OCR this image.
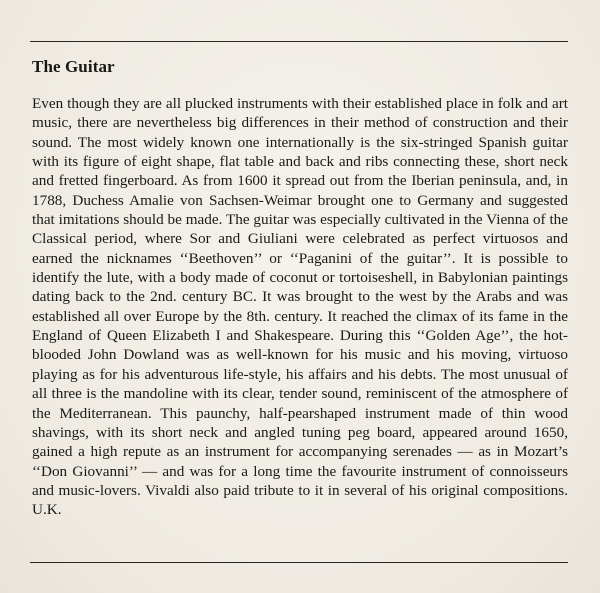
The Guitar

Even though they are all plucked instruments with their established place in folk and art music, there are nevertheless big differences in their method of construction and their sound. The most widely known one internationally is the six-stringed Spanish guitar with its figure of eight shape, flat table and back and ribs connecting these, short neck and fretted fingerboard. As from 1600 it spread out from the Iberian peninsula, and, in 1788, Duchess Amalie von Sachsen-Weimar brought one to Germany and suggested that imitations should be made. The guitar was especially cultivated in the Vienna of the Classical period, where Sor and Giuliani were celebrated as perfect virtuosos and earned the nicknames ‘‘Beethoven’’ or ‘‘Paganini of the guitar’’. It is possible to identify the lute, with a body made of coconut or tortoiseshell, in Babylonian paintings dating back to the 2nd. century BC. It was brought to the west by the Arabs and was established all over Europe by the 8th. century. It reached the climax of its fame in the England of Queen Elizabeth I and Shakespeare. During this ‘‘Golden Age’’, the hot-blooded John Dowland was as well-known for his music and his moving, virtuoso playing as for his adventurous life-style, his affairs and his debts. The most unusual of all three is the mandoline with its clear, tender sound, reminiscent of the atmosphere of the Mediterranean. This paunchy, half-pearshaped instrument made of thin wood shavings, with its short neck and angled tuning peg board, appeared around 1650, gained a high repute as an instrument for accompanying serenades — as in Mozart’s ‘‘Don Giovanni’’ — and was for a long time the favourite instrument of connoisseurs and music-lovers. Vivaldi also paid tribute to it in several of his original compositions. U.K.
